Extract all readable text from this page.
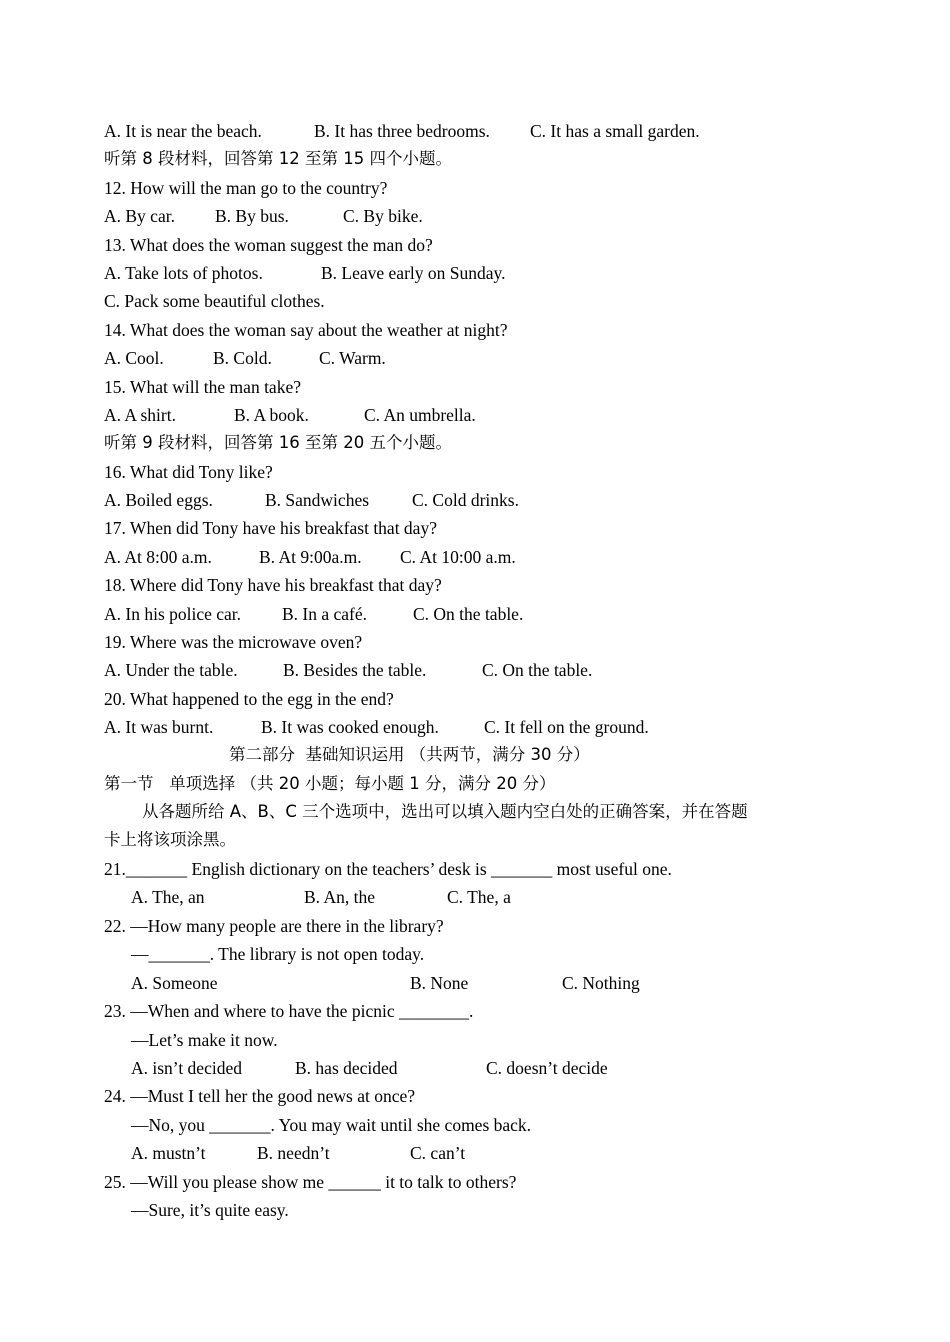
A. It is near the beach.	B. It has three bedrooms. C. It has a small garden.
听第 8 段材料，回答第 12 至第 15 四个小题。
12. How will the man go to the country?
A. By car. B. By bus.	C. By bike.
13. What does the woman suggest the man do?
A. Take lots of photos.	B. Leave early on Sunday.
C. Pack some beautiful clothes.
14. What does the woman say about the weather at night?
A. Cool.	B. Cold.	C. Warm.
15. What will the man take?
A. A shirt.	B. A book.	C. An umbrella.
听第 9 段材料，回答第 16 至第 20 五个小题。
16. What did Tony like?
A. Boiled eggs.	B. Sandwiches C. Cold drinks.
17. When did Tony have his breakfast that day?
A. At 8:00 a.m.	B. At 9:00a.m. C. At 10:00 a.m.
18. Where did Tony have his breakfast that day?
A. In his police car. B. In a café.	C. On the table.
19. Where was the microwave oven?
A. Under the table.	B. Besides the table.	C. On the table.
20. What happened to the egg in the end?
A. It was burnt.	B. It was cooked enough.	C. It fell on the ground.
第二部分  基础知识运用 （共两节，满分 30 分）
第一节   单项选择 （共 20 小题；每小题 1 分，满分 20 分）
从各题所给 A、B、C 三个选项中，选出可以填入题内空白处的正确答案，并在答题
卡上将该项涂黑。
21._______ English dictionary on the teachers’ desk is _______ most useful one.
A. The, an	B. An, the	C. The, a
22. —How many people are there in the library?
—_______. The library is not open today.
A. Someone	B. None	C. Nothing
23. —When and where to have the picnic ________.
—Let’s make it now.
A. isn’t decided	B. has decided	C. doesn’t decide
24. —Must I tell her the good news at once?
—No, you _______. You may wait until she comes back.
A. mustn’t	B. needn’t	C. can’t
25. —Will you please show me ______ it to talk to others?
—Sure, it’s quite easy.
